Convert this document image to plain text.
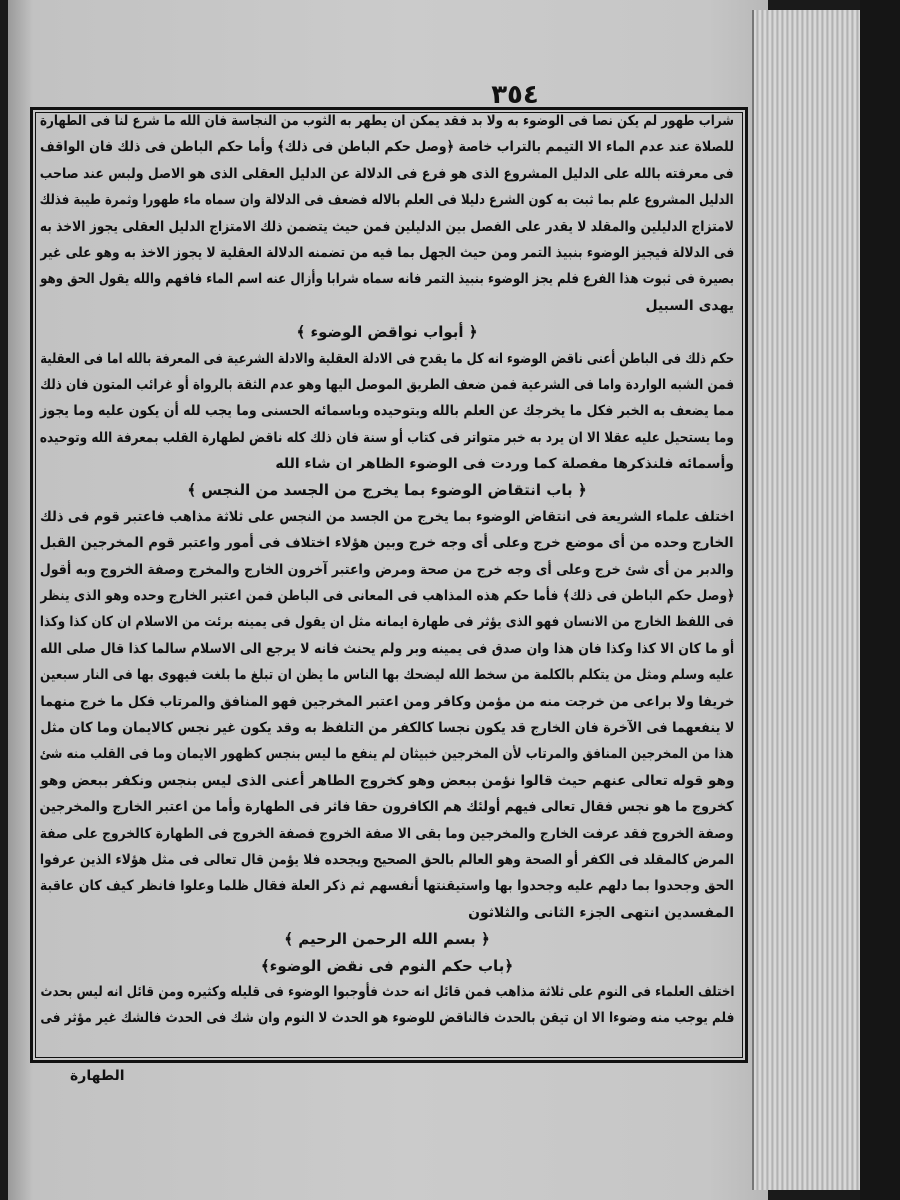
٣٥٤
شراب طهور لم يكن نصا فى الوضوء به ولا بد فقد يمكن ان يطهر به الثوب من النجاسة فان الله ما شرع لنا فى الطهارة
للصلاة عند عدم الماء الا التيمم بالتراب خاصة ﴿وصل حكم الباطن فى ذلك﴾ وأما حكم الباطن فى ذلك فان الواقف
فى معرفته بالله على الدليل المشروع الذى هو فرع فى الدلالة عن الدليل العقلى الذى هو الاصل ولبس عند صاحب
الدليل المشروع علم بما ثبت به كون الشرع دليلا فى العلم بالاله فضعف فى الدلالة وان سماه ماء طهورا وثمرة طيبة فذلك
لامتزاج الدليلين والمقلد لا يقدر على الفصل بين الدليلين فمن حيث يتضمن ذلك الامتزاج الدليل العقلى يجوز الاخذ به
فى الدلالة فيجيز الوضوء بنبيذ التمر ومن حيث الجهل بما فيه من تضمنه الدلالة العقلية لا يجوز الاخذ به وهو على غير
بصيرة فى ثبوت هذا الفرع فلم يجز الوضوء بنبيذ التمر فانه سماه شرابا وأزال عنه اسم الماء فافهم والله يقول الحق وهو
يهدى السبيل
﴿ أبواب نواقض الوضوء ﴾
حكم ذلك فى الباطن أعنى ناقض الوضوء انه كل ما يقدح فى الادلة العقلية والادلة الشرعية فى المعرفة بالله اما فى العقلية
فمن الشبه الواردة واما فى الشرعية فمن ضعف الطريق الموصل اليها وهو عدم الثقة بالرواة أو غرائب المتون فان ذلك
مما يضعف به الخبر فكل ما يخرجك عن العلم بالله وبتوحيده وباسمائه الحسنى وما يجب لله أن يكون عليه وما يجوز
وما يستحيل عليه عقلا الا ان يرد به خبر متواتر فى كتاب أو سنة فان ذلك كله ناقض لطهارة القلب بمعرفة الله وتوحيده
وأسمائه فلنذكرها مفصلة كما وردت فى الوضوء الظاهر ان شاء الله
﴿ باب انتقاض الوضوء بما يخرج من الجسد من النجس ﴾
اختلف علماء الشريعة فى انتقاض الوضوء بما يخرج من الجسد من النجس على ثلاثة مذاهب فاعتبر قوم فى ذلك
الخارج وحده من أى موضع خرج وعلى أى وجه خرج وبين هؤلاء اختلاف فى أمور واعتبر قوم المخرجين القبل
والدبر من أى شئ خرج وعلى أى وجه خرج من صحة ومرض واعتبر آخرون الخارج والمخرج وصفة الخروج وبه أقول
﴿وصل حكم الباطن فى ذلك﴾ فأما حكم هذه المذاهب فى المعانى فى الباطن فمن اعتبر الخارج وحده وهو الذى ينظر
فى اللفظ الخارج من الانسان فهو الذى يؤثر فى طهارة ايمانه مثل ان يقول فى يمينه برئت من الاسلام ان كان كذا وكذا
أو ما كان الا كذا وكذا فان هذا وان صدق فى يمينه وبر ولم يحنث فانه لا يرجع الى الاسلام سالما كذا قال صلى الله
عليه وسلم ومثل من يتكلم بالكلمة من سخط الله ليضحك بها الناس ما يظن ان تبلغ ما بلغت فيهوى بها فى النار سبعين
خريفا ولا براعى من خرجت منه من مؤمن وكافر ومن اعتبر المخرجين فهو المنافق والمرتاب فكل ما خرج منهما
لا ينفعهما فى الآخرة فان الخارج قد يكون نجسا كالكفر من التلفظ به وقد يكون غير نجس كالايمان وما كان مثل
هذا من المخرجين المنافق والمرتاب لأن المخرجين خبيثان لم ينفع ما ليس بنجس كظهور الايمان وما فى القلب منه شئ
وهو قوله تعالى عنهم حيث قالوا نؤمن ببعض وهو كخروج الطاهر أعنى الذى ليس بنجس ونكفر ببعض وهو
كخروج ما هو نجس فقال تعالى فيهم أولئك هم الكافرون حقا فاثر فى الطهارة وأما من اعتبر الخارج والمخرجين
وصفة الخروج فقد عرفت الخارج والمخرجين وما بقى الا صفة الخروج فصفة الخروج فى الطهارة كالخروج على صفة
المرض كالمقلد فى الكفر أو الصحة وهو العالم بالحق الصحيح ويجحده فلا يؤمن قال تعالى فى مثل هؤلاء الذين عرفوا
الحق وجحدوا بما دلهم عليه وجحدوا بها واستيقنتها أنفسهم ثم ذكر العلة فقال ظلما وعلوا فانظر كيف كان عاقبة
المفسدين انتهى الجزء الثانى والثلاثون
﴿ بسم الله الرحمن الرحيم ﴾
﴿باب حكم النوم فى نقض الوضوء﴾
اختلف العلماء فى النوم على ثلاثة مذاهب فمن قائل انه حدث فأوجبوا الوضوء فى قليله وكثيره ومن قائل انه ليس بحدث
فلم يوجب منه وضوءا الا ان تيقن بالحدث فالناقض للوضوء هو الحدث لا النوم وان شك فى الحدث فالشك غير مؤثر فى
الطهارة
